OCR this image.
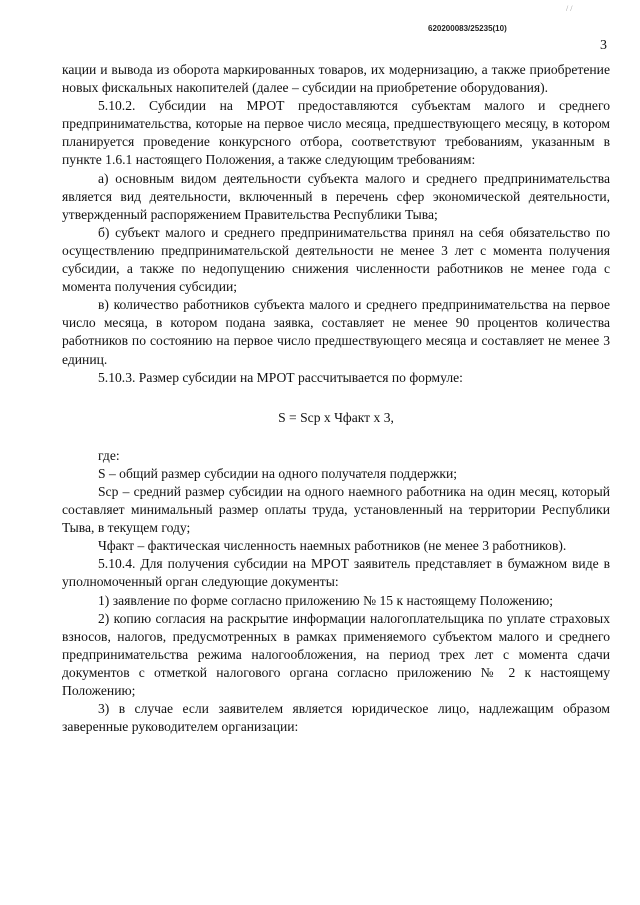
/ /
620200083/25235(10)
3

кации и вывода из оборота маркированных товаров, их модернизацию, а также приобретение новых фискальных накопителей (далее – субсидии на приобретение оборудования).

5.10.2. Субсидии на МРОТ предоставляются субъектам малого и среднего предпринимательства, которые на первое число месяца, предшествующего месяцу, в котором планируется проведение конкурсного отбора, соответствуют требованиям, указанным в пункте 1.6.1 настоящего Положения, а также следующим требованиям:

а) основным видом деятельности субъекта малого и среднего предпринимательства является вид деятельности, включенный в перечень сфер экономической деятельности, утвержденный распоряжением Правительства Республики Тыва;

б) субъект малого и среднего предпринимательства принял на себя обязательство по осуществлению предпринимательской деятельности не менее 3 лет с момента получения субсидии, а также по недопущению снижения численности работников не менее года с момента получения субсидии;

в) количество работников субъекта малого и среднего предпринимательства на первое число месяца, в котором подана заявка, составляет не менее 90 процентов количества работников по состоянию на первое число предшествующего месяца и составляет не менее 3 единиц.

5.10.3. Размер субсидии на МРОТ рассчитывается по формуле:

S = Scp x Чфакт x 3,

где:

S – общий размер субсидии на одного получателя поддержки;

Scp – средний размер субсидии на одного наемного работника на один месяц, который составляет минимальный размер оплаты труда, установленный на территории Республики Тыва, в текущем году;

Чфакт – фактическая численность наемных работников (не менее 3 работников).

5.10.4. Для получения субсидии на МРОТ заявитель представляет в бумажном виде в уполномоченный орган следующие документы:

1) заявление по форме согласно приложению № 15 к настоящему Положению;

2) копию согласия на раскрытие информации налогоплательщика по уплате страховых взносов, налогов, предусмотренных в рамках применяемого субъектом малого и среднего предпринимательства режима налогообложения, на период трех лет с момента сдачи документов с отметкой налогового органа согласно приложению № 2 к настоящему Положению;

3) в случае если заявителем является юридическое лицо, надлежащим образом заверенные руководителем организации:
